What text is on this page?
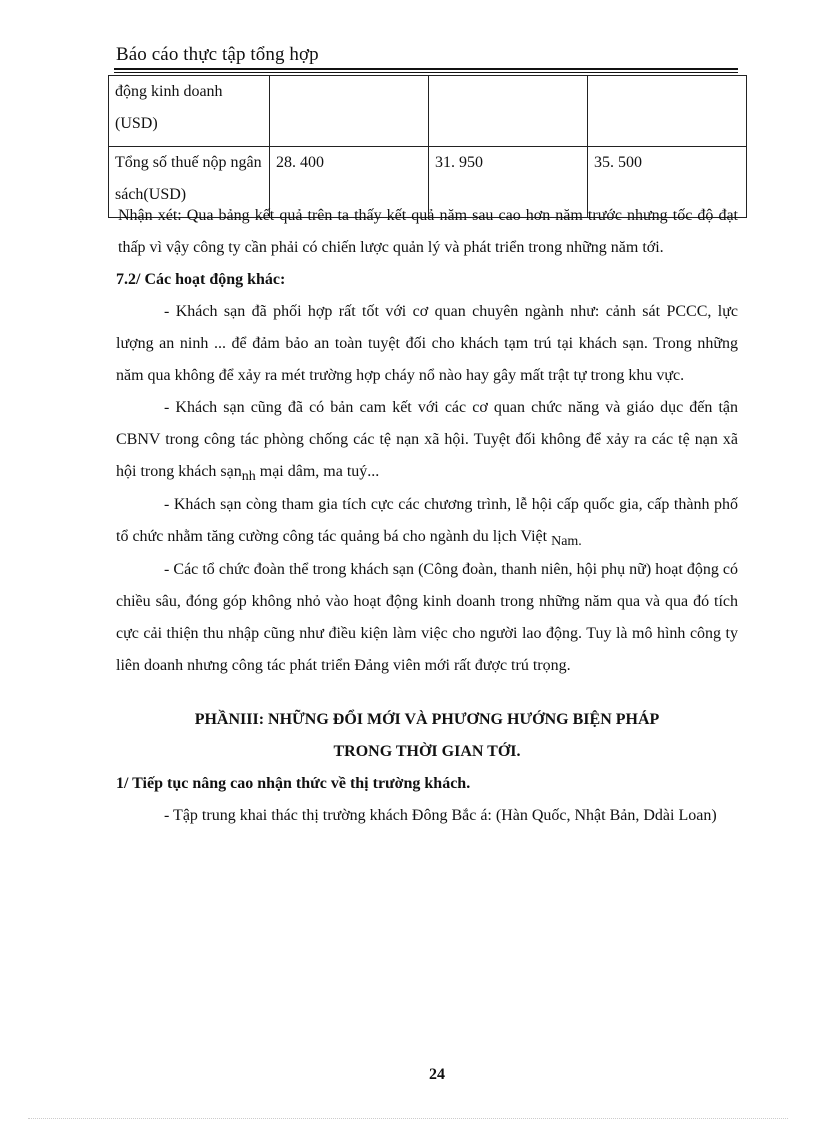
Báo cáo thực tập tổng hợp
động kinh doanh (USD)			
Tổng số thuế nộp ngân sách(USD)	28. 400	31. 950	35. 500

Nhận xét: Qua bảng kết quả trên ta thấy kết quả năm sau cao hơn năm trước nhưng tốc độ đạt thấp vì vậy công ty cần phải có chiến lược quản lý và phát triển trong những năm tới.

7.2/ Các hoạt động khác:

- Khách sạn đã phối hợp rất tốt với cơ quan chuyên ngành như: cảnh sát PCCC, lực lượng an ninh ... để đảm bảo an toàn tuyệt đối cho khách tạm trú tại khách sạn. Trong những năm qua không để xảy ra mét trường hợp cháy nổ nào hay gây mất trật tự trong khu vực.

- Khách sạn cũng đã có bản cam kết với các cơ quan chức năng và giáo dục đến tận CBNV trong công tác phòng chống các tệ nạn xã hội. Tuyệt đối không để xảy ra các tệ nạn xã hội trong khách sạnnh mại dâm, ma tuý...

- Khách sạn còng tham gia tích cực các chương trình, lễ hội cấp quốc gia, cấp thành phố tổ chức nhằm tăng cường công tác quảng bá cho ngành du lịch Việt Nam.

- Các tổ chức đoàn thể trong khách sạn (Công đoàn, thanh niên, hội phụ nữ) hoạt động có chiều sâu, đóng góp không nhỏ vào hoạt động kinh doanh trong những năm qua và qua đó tích cực cải thiện thu nhập cũng như điều kiện làm việc cho người lao động. Tuy là mô hình công ty liên doanh nhưng công tác phát triển Đảng viên mới rất được trú trọng.

PHẦNIII: NHỮNG ĐỔI MỚI VÀ PHƯƠNG HƯỚNG BIỆN PHÁP

TRONG THỜI GIAN TỚI.

1/ Tiếp tục nâng cao nhận thức về thị trường khách.

- Tập trung khai thác thị trường khách Đông Bắc á: (Hàn Quốc, Nhật Bản, Ddài Loan)

24
